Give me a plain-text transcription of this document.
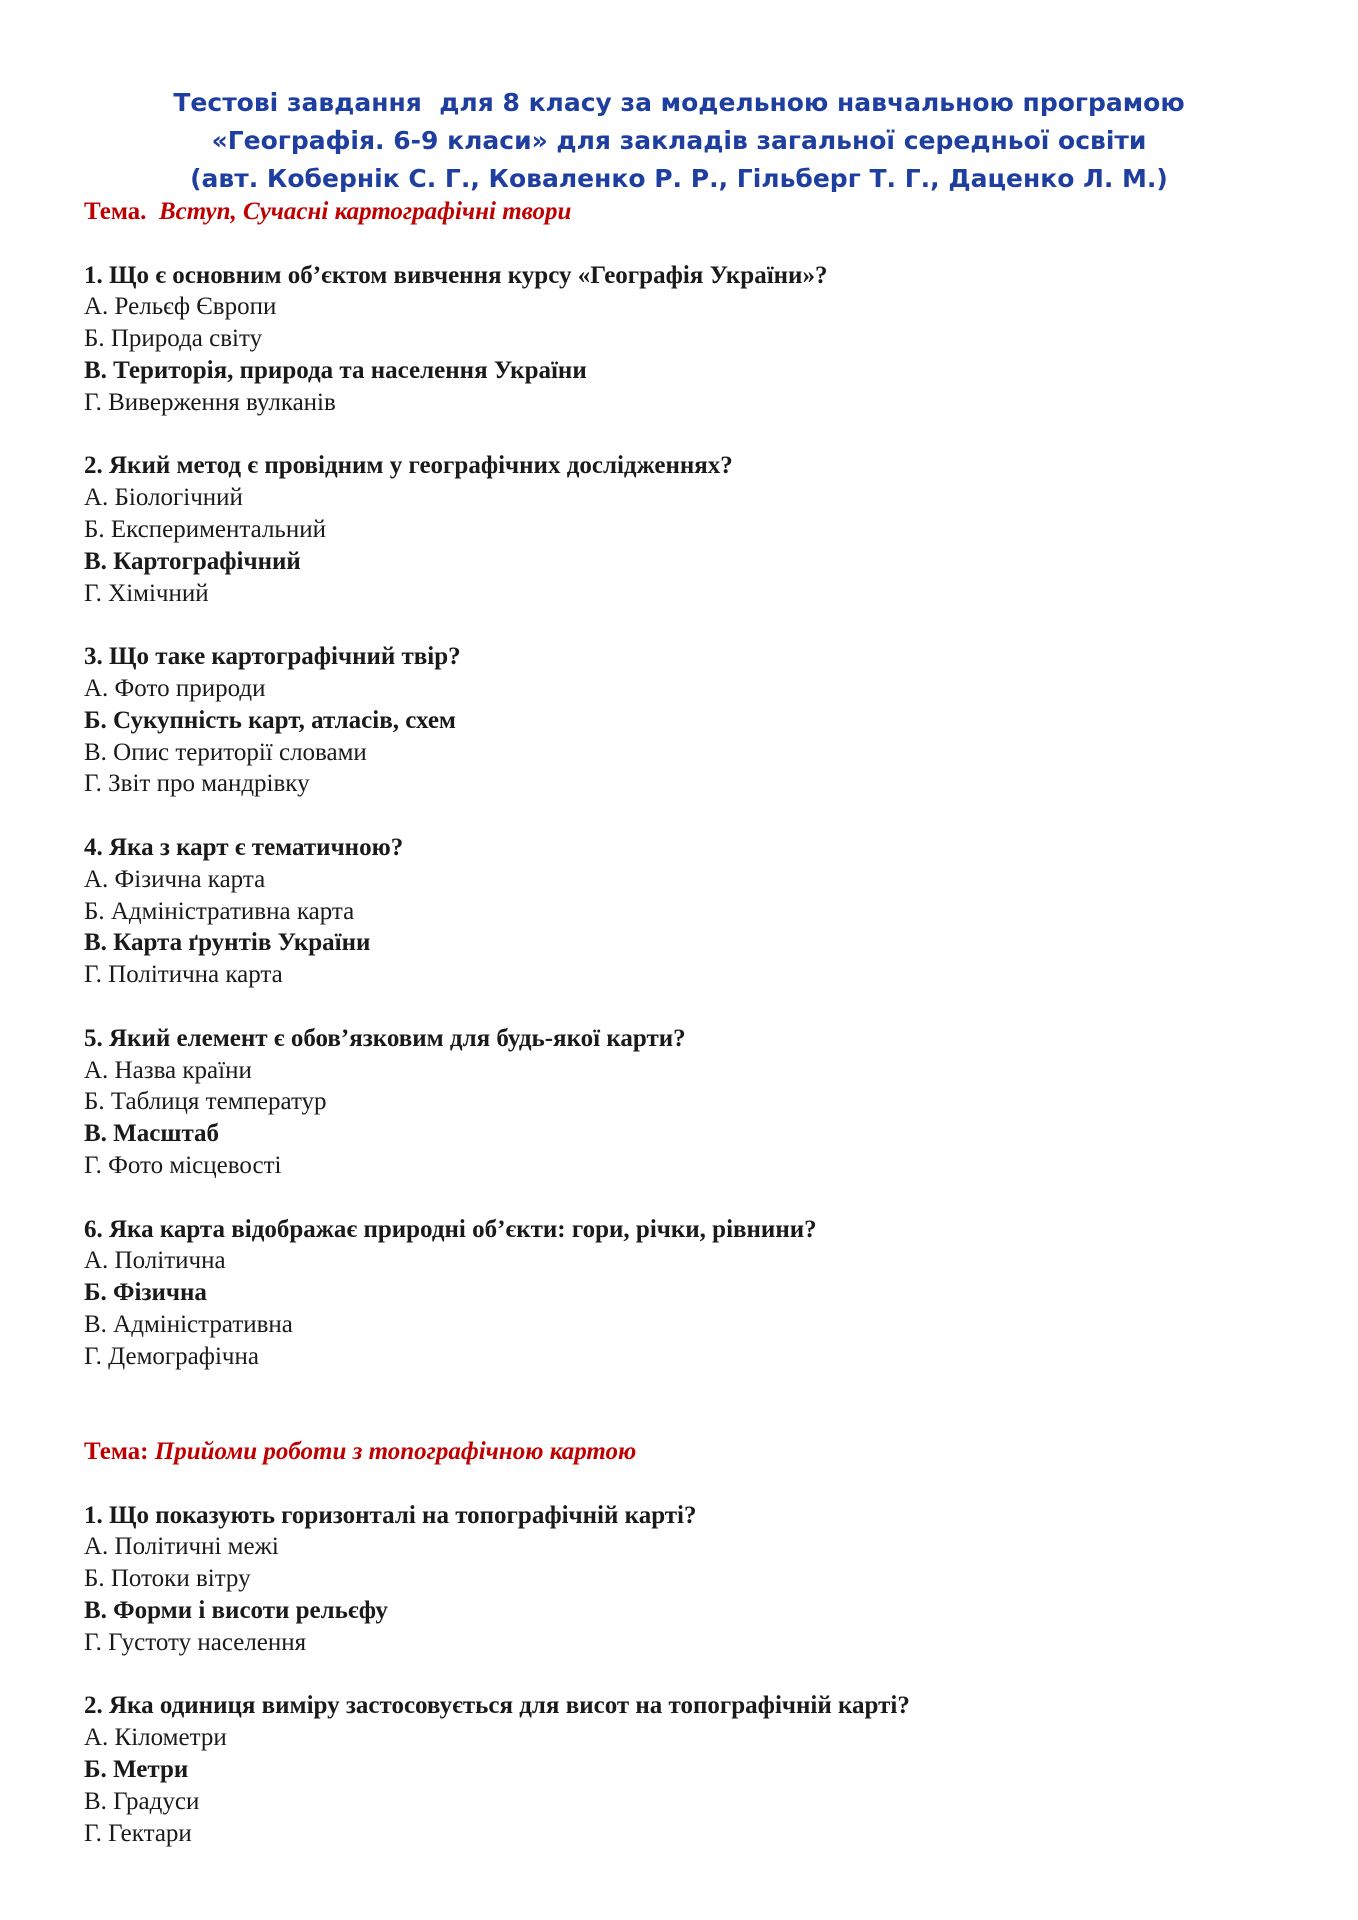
Тестові завдання  для 8 класу за модельною навчальною програмою
«Географія. 6-9 класи» для закладів загальної середньої освіти
(авт. Кобернік С. Г., Коваленко Р. Р., Гільберг Т. Г., Даценко Л. М.)
Тема. Вступ, Сучасні картографічні твори
1. Що є основним об’єктом вивчення курсу «Географія України»?
А. Рельєф Європи
Б. Природа світу
В. Територія, природа та населення України
Г. Виверження вулканів
2. Який метод є провідним у географічних дослідженнях?
А. Біологічний
Б. Експериментальний
В. Картографічний
Г. Хімічний
3. Що таке картографічний твір?
А. Фото природи
Б. Сукупність карт, атласів, схем
В. Опис території словами
Г. Звіт про мандрівку
4. Яка з карт є тематичною?
А. Фізична карта
Б. Адміністративна карта
В. Карта ґрунтів України
Г. Політична карта
5. Який елемент є обов’язковим для будь-якої карти?
А. Назва країни
Б. Таблиця температур
В. Масштаб
Г. Фото місцевості
6. Яка карта відображає природні об’єкти: гори, річки, рівнини?
А. Політична
Б. Фізична
В. Адміністративна
Г. Демографічна
Тема: Прийоми роботи з топографічною картою
1. Що показують горизонталі на топографічній карті?
А. Політичні межі
Б. Потоки вітру
В. Форми і висоти рельєфу
Г. Густоту населення
2. Яка одиниця виміру застосовується для висот на топографічній карті?
А. Кілометри
Б. Метри
В. Градуси
Г. Гектари
